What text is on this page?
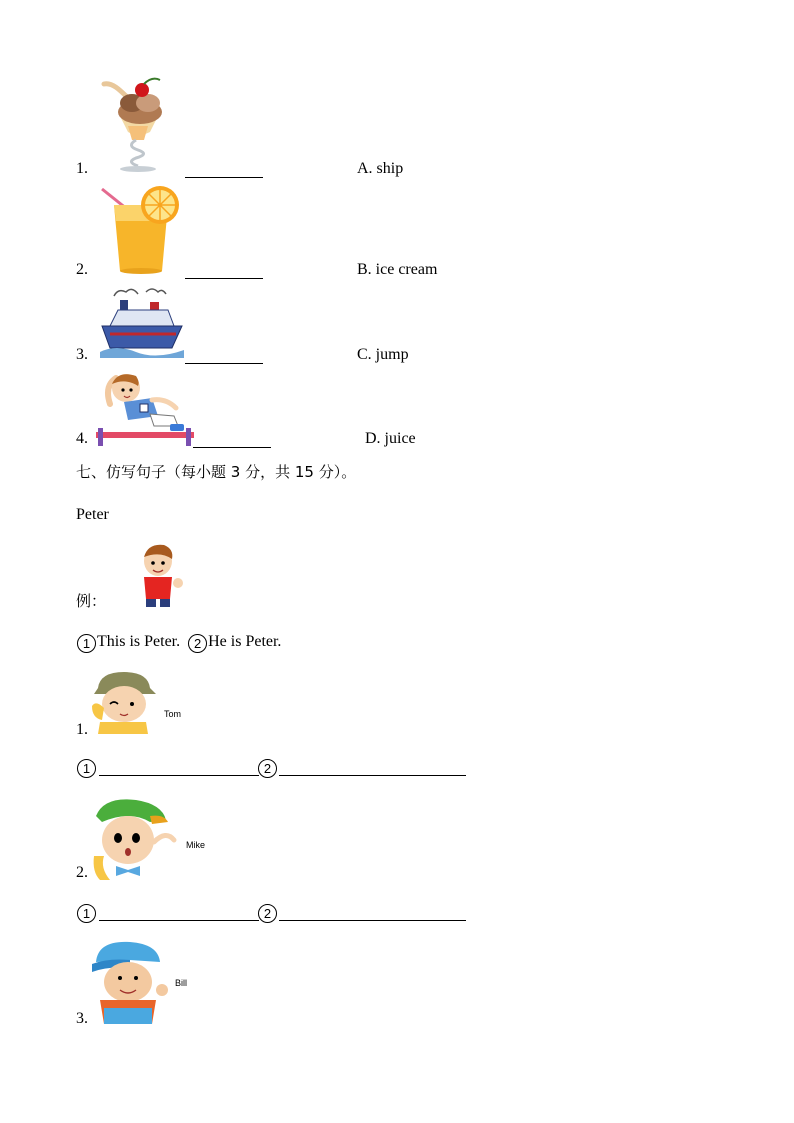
1.	A. ship
2.	B. ice cream
3.	C. jump
4.	D. juice
七、仿写句子（每小题 3 分，共 15 分）。
Peter
例：
1 This is Peter. 2 He is Peter.
Tom
1.
1	2
Mike
2.
1	2
Bill
3.
